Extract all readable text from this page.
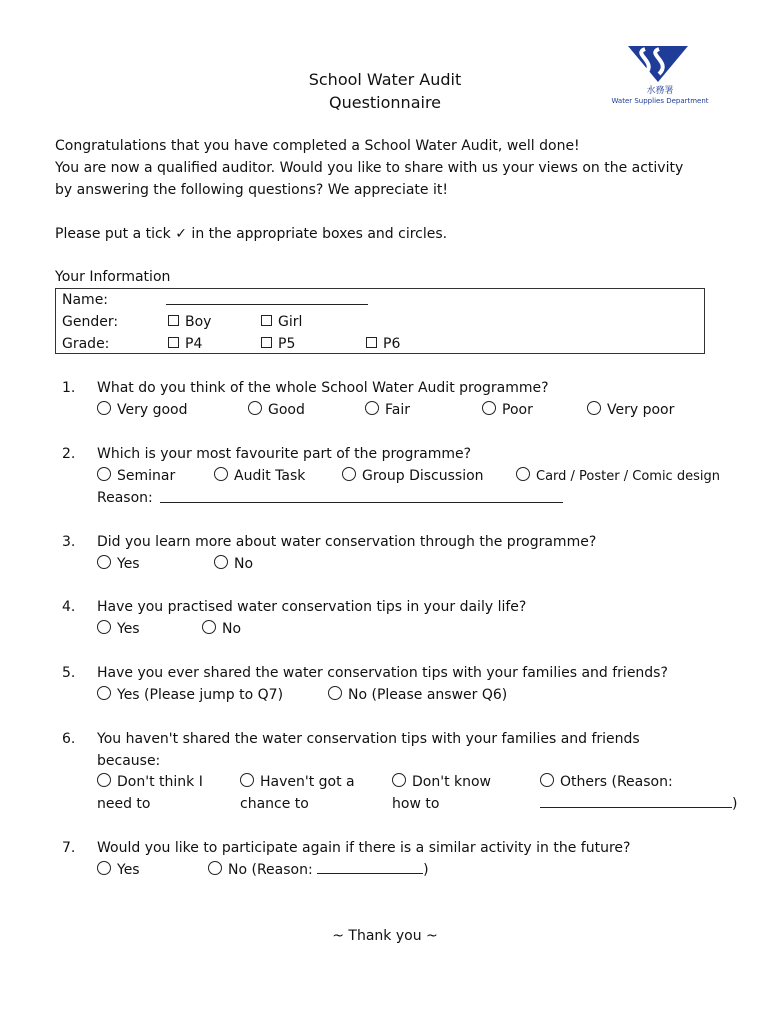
School Water Audit
Questionnaire
水務署
Water Supplies Department
Congratulations that you have completed a School Water Audit, well done!
You are now a qualified auditor. Would you like to share with us your views on the activity
by answering the following questions? We appreciate it!
Please put a tick ✓ in the appropriate boxes and circles.
Your Information
Name:
Gender:	Boy	Girl
Grade:	P4	P5	P6
1. What do you think of the whole School Water Audit programme?
Very good	Good	Fair	Poor	Very poor
2. Which is your most favourite part of the programme?
Seminar	Audit Task	Group Discussion	Card / Poster / Comic design
Reason:
3. Did you learn more about water conservation through the programme?
Yes	No
4. Have you practised water conservation tips in your daily life?
Yes	No
5. Have you ever shared the water conservation tips with your families and friends?
Yes (Please jump to Q7)	No (Please answer Q6)
6. You haven't shared the water conservation tips with your families and friends
because:
Don't think I
need to
Haven't got a
chance to
Don't know
how to
Others (Reason:
)
7. Would you like to participate again if there is a similar activity in the future?
Yes	No (Reason:	)
~ Thank you ~
